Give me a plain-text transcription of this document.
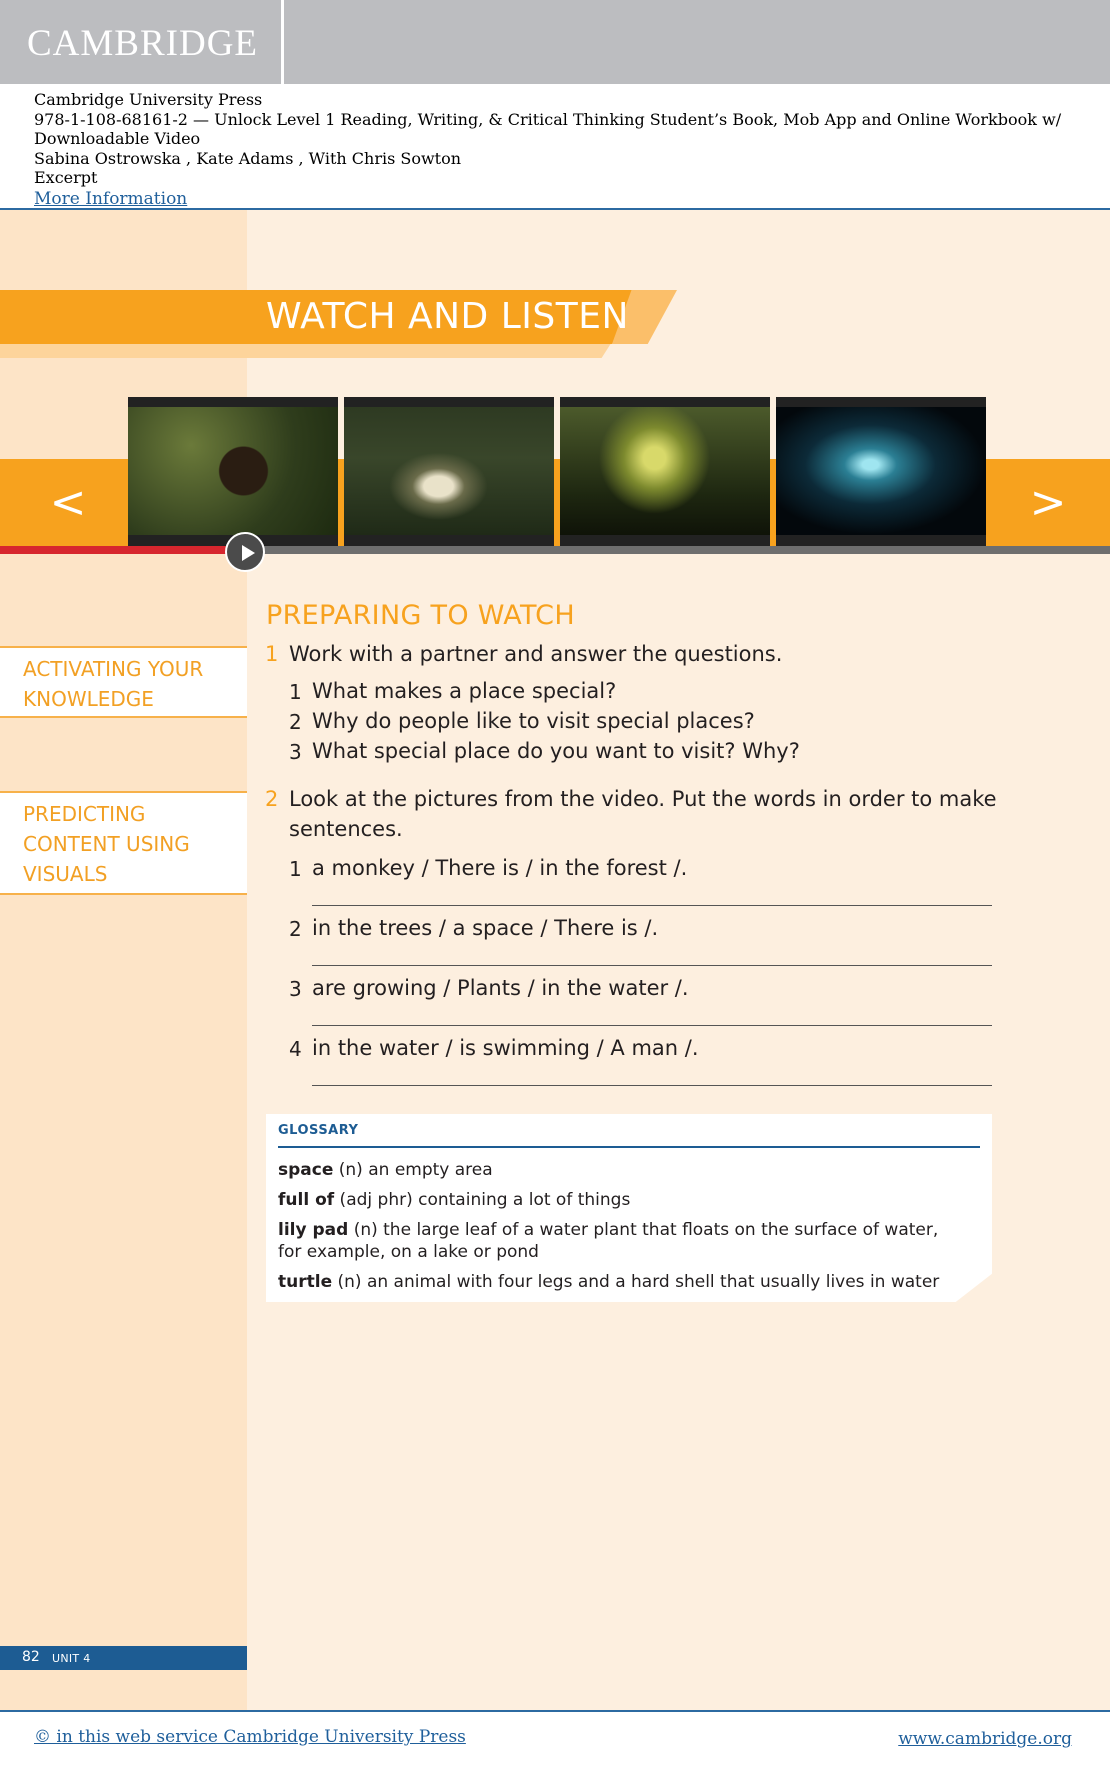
CAMBRIDGE
Cambridge University Press
978-1-108-68161-2 — Unlock Level 1 Reading, Writing, & Critical Thinking Student’s Book, Mob App and Online Workbook w/
Downloadable Video
Sabina Ostrowska , Kate Adams , With Chris Sowton
Excerpt
More Information
WATCH AND LISTEN
<	>
PREPARING TO WATCH
ACTIVATING YOUR
KNOWLEDGE
PREDICTING
CONTENT USING
VISUALS
1 Work with a partner and answer the questions.
1 What makes a place special?
2 Why do people like to visit special places?
3 What special place do you want to visit? Why?
2 Look at the pictures from the video. Put the words in order to make
sentences.
1 a monkey / There is / in the forest /.
2 in the trees / a space / There is /.
3 are growing / Plants / in the water /.
4 in the water / is swimming / A man /.
GLOSSARY
space (n) an empty area
full of (adj phr) containing a lot of things
lily pad (n) the large leaf of a water plant that floats on the surface of water,
for example, on a lake or pond
turtle (n) an animal with four legs and a hard shell that usually lives in water
82 UNIT 4
© in this web service Cambridge University Press	www.cambridge.org
